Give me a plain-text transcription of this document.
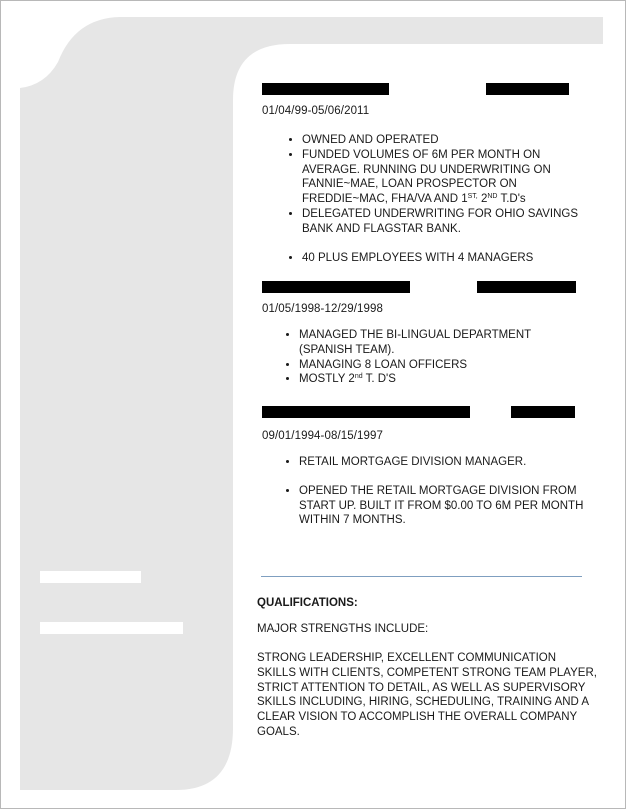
01/04/99-05/06/2011
• OWNED AND OPERATED
• FUNDED VOLUMES OF 6M PER MONTH ON AVERAGE. RUNNING DU UNDERWRITING ON FANNIE~MAE, LOAN PROSPECTOR ON FREDDIE~MAC, FHA/VA AND $1^{ST,}$ 2ND T.D's
• DELEGATED UNDERWRITING FOR OHIO SAVINGS BANK AND FLAGSTAR BANK.
• 40 PLUS EMPLOYEES WITH 4 MANAGERS
01/05/1998-12/29/1998
• MANAGED THE BI-LINGUAL DEPARTMENT (SPANISH TEAM).
• MANAGING 8 LOAN OFFICERS
• MOSTLY 2nd T. D'S
09/01/1994-08/15/1997
• RETAIL MORTGAGE DIVISION MANAGER.
• OPENED THE RETAIL MORTGAGE DIVISION FROM START UP. BUILT IT FROM $0.00 TO 6M PER MONTH WITHIN 7 MONTHS.
QUALIFICATIONS:
MAJOR STRENGTHS INCLUDE:
STRONG LEADERSHIP, EXCELLENT COMMUNICATION SKILLS WITH CLIENTS, COMPETENT STRONG TEAM PLAYER, STRICT ATTENTION TO DETAIL, AS WELL AS SUPERVISORY SKILLS INCLUDING, HIRING, SCHEDULING, TRAINING AND A CLEAR VISION TO ACCOMPLISH THE OVERALL COMPANY GOALS.
